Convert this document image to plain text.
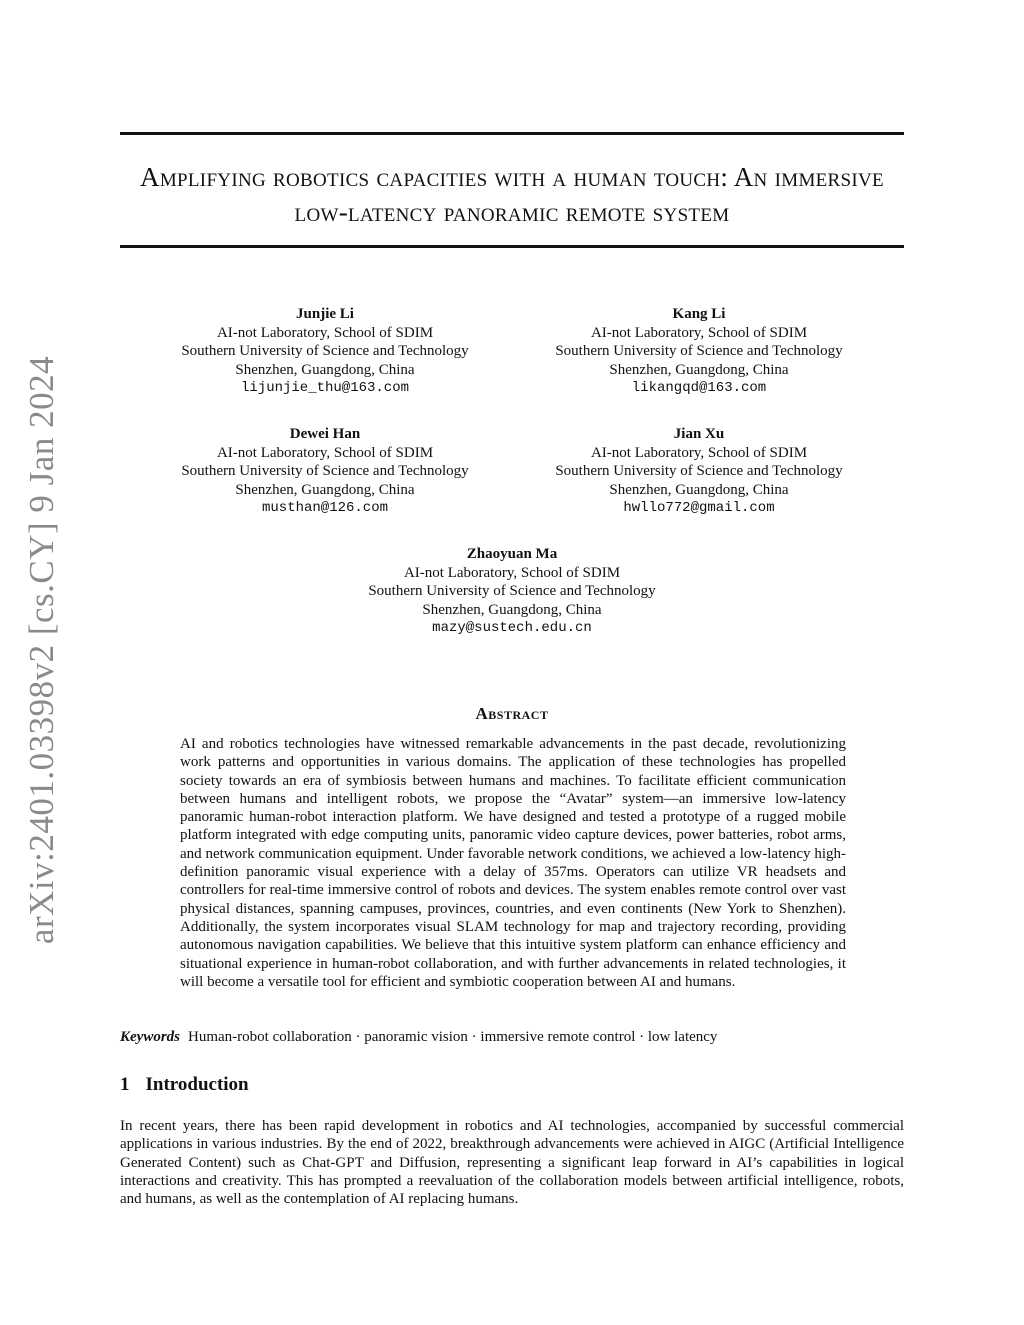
arXiv:2401.03398v2 [cs.CY] 9 Jan 2024
Amplifying robotics capacities with a human touch: An immersive low-latency panoramic remote system
Junjie Li
AI-not Laboratory, School of SDIM
Southern University of Science and Technology
Shenzhen, Guangdong, China
lijunjie_thu@163.com
Kang Li
AI-not Laboratory, School of SDIM
Southern University of Science and Technology
Shenzhen, Guangdong, China
likangqd@163.com
Dewei Han
AI-not Laboratory, School of SDIM
Southern University of Science and Technology
Shenzhen, Guangdong, China
musthan@126.com
Jian Xu
AI-not Laboratory, School of SDIM
Southern University of Science and Technology
Shenzhen, Guangdong, China
hwllo772@gmail.com
Zhaoyuan Ma
AI-not Laboratory, School of SDIM
Southern University of Science and Technology
Shenzhen, Guangdong, China
mazy@sustech.edu.cn
Abstract
AI and robotics technologies have witnessed remarkable advancements in the past decade, revolutionizing work patterns and opportunities in various domains. The application of these technologies has propelled society towards an era of symbiosis between humans and machines. To facilitate efficient communication between humans and intelligent robots, we propose the “Avatar” system—an immersive low-latency panoramic human-robot interaction platform. We have designed and tested a prototype of a rugged mobile platform integrated with edge computing units, panoramic video capture devices, power batteries, robot arms, and network communication equipment. Under favorable network conditions, we achieved a low-latency high-definition panoramic visual experience with a delay of 357ms. Operators can utilize VR headsets and controllers for real-time immersive control of robots and devices. The system enables remote control over vast physical distances, spanning campuses, provinces, countries, and even continents (New York to Shenzhen). Additionally, the system incorporates visual SLAM technology for map and trajectory recording, providing autonomous navigation capabilities. We believe that this intuitive system platform can enhance efficiency and situational experience in human-robot collaboration, and with further advancements in related technologies, it will become a versatile tool for efficient and symbiotic cooperation between AI and humans.
Keywords Human-robot collaboration · panoramic vision · immersive remote control · low latency
1 Introduction
In recent years, there has been rapid development in robotics and AI technologies, accompanied by successful commercial applications in various industries. By the end of 2022, breakthrough advancements were achieved in AIGC (Artificial Intelligence Generated Content) such as Chat-GPT and Diffusion, representing a significant leap forward in AI’s capabilities in logical interactions and creativity. This has prompted a reevaluation of the collaboration models between artificial intelligence, robots, and humans, as well as the contemplation of AI replacing humans.
